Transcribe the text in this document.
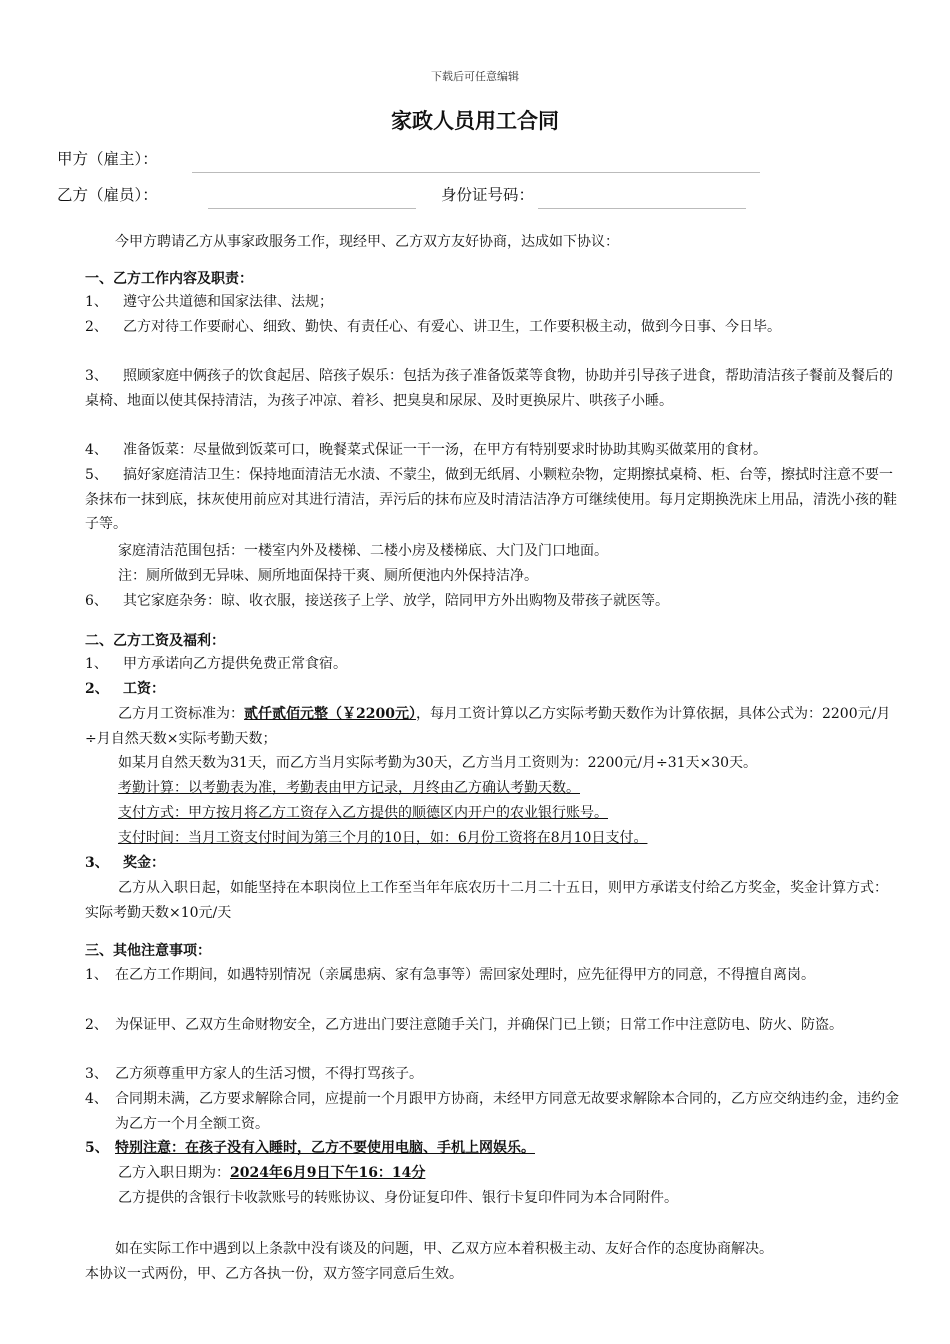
下载后可任意编辑
家政人员用工合同
甲方（雇主）：
乙方（雇员）：	身份证号码：
今甲方聘请乙方从事家政服务工作，现经甲、乙方双方友好协商，达成如下协议：
一、乙方工作内容及职责：
1、 遵守公共道德和国家法律、法规；
2、 乙方对待工作要耐心、细致、勤快、有责任心、有爱心、讲卫生，工作要积极主动，做到今日事、今日毕。
3、 照顾家庭中俩孩子的饮食起居、陪孩子娱乐：包括为孩子准备饭菜等食物，协助并引导孩子进食，帮助清洁孩子餐前及餐后的桌椅、地面以使其保持清洁，为孩子冲凉、着衫、把臭臭和尿尿、及时更换尿片、哄孩子小睡。
4、 准备饭菜：尽量做到饭菜可口，晚餐菜式保证一干一汤，在甲方有特别要求时协助其购买做菜用的食材。
5、 搞好家庭清洁卫生：保持地面清洁无水渍、不蒙尘，做到无纸屑、小颗粒杂物，定期擦拭桌椅、柜、台等，擦拭时注意不要一条抹布一抹到底，抹灰使用前应对其进行清洁，弄污后的抹布应及时清洁洁净方可继续使用。每月定期换洗床上用品，清洗小孩的鞋子等。
家庭清洁范围包括：一楼室内外及楼梯、二楼小房及楼梯底、大门及门口地面。
注：厕所做到无异味、厕所地面保持干爽、厕所便池内外保持洁净。
6、 其它家庭杂务：晾、收衣服，接送孩子上学、放学，陪同甲方外出购物及带孩子就医等。
二、乙方工资及福利：
1、 甲方承诺向乙方提供免费正常食宿。
2、 工资：
乙方月工资标准为：贰仟贰佰元整（￥2200元），每月工资计算以乙方实际考勤天数作为计算依据，具体公式为：2200元/月÷月自然天数×实际考勤天数；
如某月自然天数为31天，而乙方当月实际考勤为30天，乙方当月工资则为：2200元/月÷31天×30天。
考勤计算：以考勤表为准，考勤表由甲方记录，月终由乙方确认考勤天数。
支付方式：甲方按月将乙方工资存入乙方提供的顺德区内开户的农业银行账号。
支付时间：当月工资支付时间为第三个月的10日，如：6月份工资将在8月10日支付。
3、 奖金：
乙方从入职日起，如能坚持在本职岗位上工作至当年年底农历十二月二十五日，则甲方承诺支付给乙方奖金，奖金计算方式：实际考勤天数×10元/天
三、其他注意事项：
1、 在乙方工作期间，如遇特别情况（亲属患病、家有急事等）需回家处理时，应先征得甲方的同意，不得擅自离岗。
2、 为保证甲、乙双方生命财物安全，乙方进出门要注意随手关门，并确保门已上锁；日常工作中注意防电、防火、防盗。
3、 乙方须尊重甲方家人的生活习惯，不得打骂孩子。
4、 合同期未满，乙方要求解除合同，应提前一个月跟甲方协商，未经甲方同意无故要求解除本合同的，乙方应交纳违约金，违约金为乙方一个月全额工资。
5、 特别注意：在孩子没有入睡时，乙方不要使用电脑、手机上网娱乐。
乙方入职日期为：2024年6月9日下午16：14分
乙方提供的含银行卡收款账号的转账协议、身份证复印件、银行卡复印件同为本合同附件。
如在实际工作中遇到以上条款中没有谈及的问题，甲、乙双方应本着积极主动、友好合作的态度协商解决。
本协议一式两份，甲、乙方各执一份，双方签字同意后生效。
